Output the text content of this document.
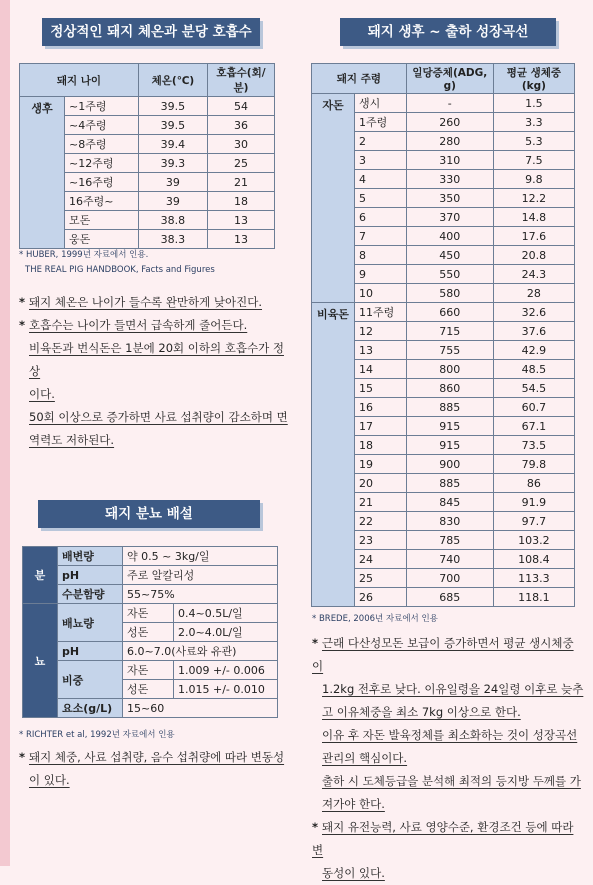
정상적인 돼지 체온과 분당 호흡수
돼지 나이		체온(℃)	호흡수(회/분)
생후	~1주령	39.5	54
	~4주령	39.5	36
	~8주령	39.4	30
	~12주령	39.3	25
	~16주령	39	21
	16주령~	39	18
	모돈	38.8	13
	웅돈	38.3	13
* HUBER, 1999년 자료에서 인용.
THE REAL PIG HANDBOOK, Facts and Figures

* 돼지 체온은 나이가 들수록 완만하게 낮아진다.

* 호흡수는 나이가 들면서 급속하게 줄어든다.

비육돈과 번식돈은 1분에 20회 이하의 호흡수가 정상

이다.

50회 이상으로 증가하면 사료 섭취량이 감소하며 면

역력도 저하된다.

돼지 분뇨 배설
분	배변량	약 0.5 ~ 3kg/일	
	pH	주로 알칼리성	
	수분함량	55~75%	
뇨	배뇨량	자돈	0.4~0.5L/일
		성돈	2.0~4.0L/일
	pH	6.0~7.0(사료와 유관)	
	비중	자돈	1.009 +/- 0.006
		성돈	1.015 +/- 0.010
	요소(g/L)	15~60	
* RICHTER et al, 1992년 자료에서 인용

* 돼지 체중, 사료 섭취량, 음수 섭취량에 따라 변동성

이 있다.

돼지 생후 ~ 출하 성장곡선
돼지 주령		일당증체(ADG, g)	평균 생체중(kg)
자돈	생시	-	1.5
	1주령	260	3.3
	2	280	5.3
	3	310	7.5
	4	330	9.8
	5	350	12.2
	6	370	14.8
	7	400	17.6
	8	450	20.8
	9	550	24.3
	10	580	28
비육돈	11주령	660	32.6
	12	715	37.6
	13	755	42.9
	14	800	48.5
	15	860	54.5
	16	885	60.7
	17	915	67.1
	18	915	73.5
	19	900	79.8
	20	885	86
	21	845	91.9
	22	830	97.7
	23	785	103.2
	24	740	108.4
	25	700	113.3
	26	685	118.1
* BREDE, 2006년 자료에서 인용

* 근래 다산성모돈 보급이 증가하면서 평균 생시체중이

1.2kg 전후로 낮다. 이유일령을 24일령 이후로 늦추

고 이유체중을 최소 7kg 이상으로 한다.

이유 후 자돈 발육정체를 최소화하는 것이 성장곡선

관리의 핵심이다.

출하 시 도체등급을 분석해 최적의 등지방 두께를 가

져가야 한다.

* 돼지 유전능력, 사료 영양수준, 환경조건 등에 따라 변

동성이 있다.
